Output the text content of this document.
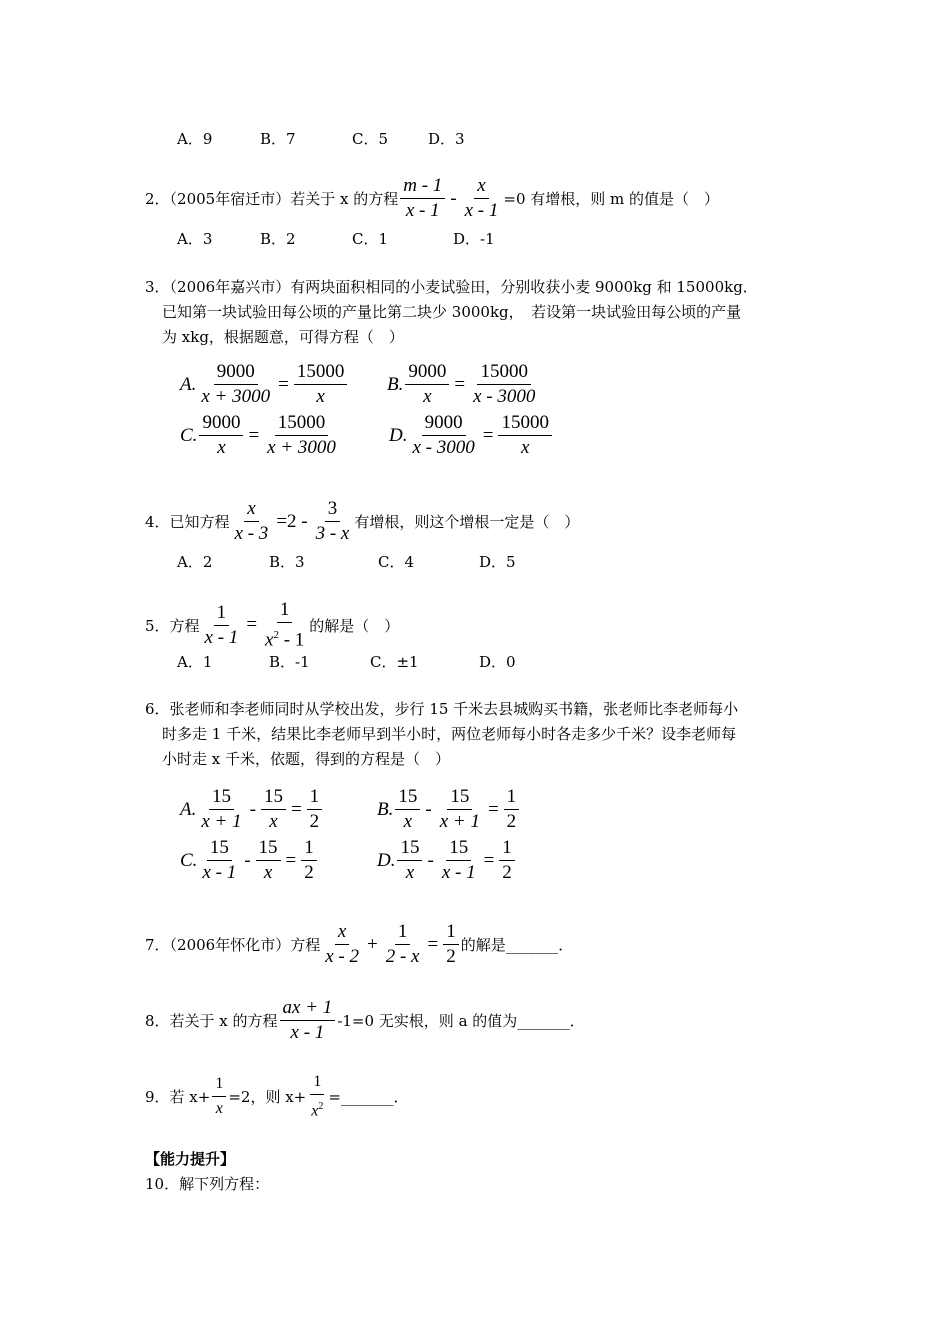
A．9	B．7	C．5	D．3
2．（2005年宿迁市）若关于 x 的方程 $\frac{m - 1}{x - 1} - \frac{x}{x - 1} =0$ 有增根，则 m 的值是（　）
A．3	B．2	C．1	D．-1
3．（2006年嘉兴市）有两块面积相同的小麦试验田，分别收获小麦 9000kg 和 15000kg．
已知第一块试验田每公顷的产量比第二块少 3000kg，　若设第一块试验田每公顷的产量
为 xkg，根据题意，可得方程（　）
A. $\frac{9000}{x + 3000} = \frac{15000}{x} B$. $\frac{9000}{x} = \frac{15000}{x - 3000}$
C. $\frac{9000}{x} = \frac{15000}{x + 3000}$	D. $\frac{9000}{x - 3000} = \frac{15000}{x}$
4．已知方程 $\frac{x}{x - 3} =2 - \frac{3}{3 - x}$ 有增根，则这个增根一定是（　）
A．2	B．3	C．4	D．5
5．方程 $\frac{1}{x - 1} = \frac{1}{x^2 - 1}$ 的解是（　）
A．1	B．-1	C．±1	D．0
6．张老师和李老师同时从学校出发，步行 15 千米去县城购买书籍，张老师比李老师每小
时多走 1 千米，结果比李老师早到半小时，两位老师每小时各走多少千米？设李老师每
小时走 x 千米，依题，得到的方程是（　）
A. $\frac{15}{x + 1} - \frac{15}{x} = \frac{1}{2}$	B. $\frac{15}{x} - \frac{15}{x + 1} = \frac{1}{2}$
C. $\frac{15}{x - 1} - \frac{15}{x} = \frac{1}{2}$	D. $\frac{15}{x} - \frac{15}{x - 1} = \frac{1}{2}$
7．（2006年怀化市）方程 $\frac{x}{x - 2} + \frac{1}{2 - x} = \frac{1}{2}$ 的解是_______．
8．若关于 x 的方程 $\frac{ax + 1}{x - 1} -1=0$ 无实根，则 a 的值为_______．
9．若 $x+ \frac{1}{x} =2$，则 $x+ \frac{1}{x^2}$ =_______．
【能力提升】
10．解下列方程：
